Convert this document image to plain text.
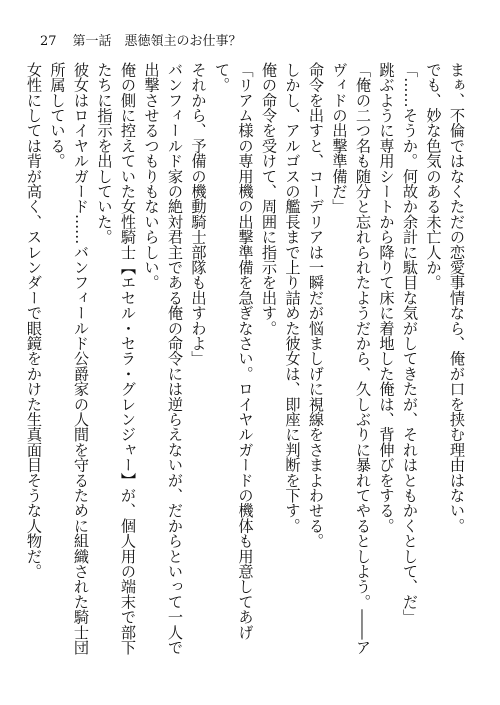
27 第一話　悪徳領主のお仕事？

まぁ、不倫ではなくただの恋愛事情なら、俺が口を挟む理由はない。

でも、妙な色気のある未亡人か。

「……そうか。何故か余計に駄目な気がしてきたが、それはともかくとして、だ」

跳ぶように専用シートから降りて床に着地した俺は、背伸びをする。

「俺の二つ名も随分と忘れられたようだから、久しぶりに暴れてやるとしよう。――ア

ヴィドの出撃準備だ」

命令を出すと、コーデリアは一瞬だが悩ましげに視線をさまよわせる。

しかし、アルゴスの艦長まで上り詰めた彼女は、即座に判断を下す。

俺の命令を受けて、周囲に指示を出す。

「リアム様の専用機の出撃準備を急ぎなさい。ロイヤルガードの機体も用意してあげて。

それから、予備の機動騎士部隊も出すわよ」

バンフィールド家の絶対君主である俺の命令には逆らえないが、だからといって一人で

出撃させるつもりもないらしい。

俺の側に控えていた女性騎士【エセル・セラ・グレンジャー】が、個人用の端末で部下

たちに指示を出していた。

彼女はロイヤルガード……バンフィールド公爵家の人間を守るために組織された騎士団

所属している。

女性にしては背が高く、スレンダーで眼鏡をかけた生真面目そうな人物だ。
